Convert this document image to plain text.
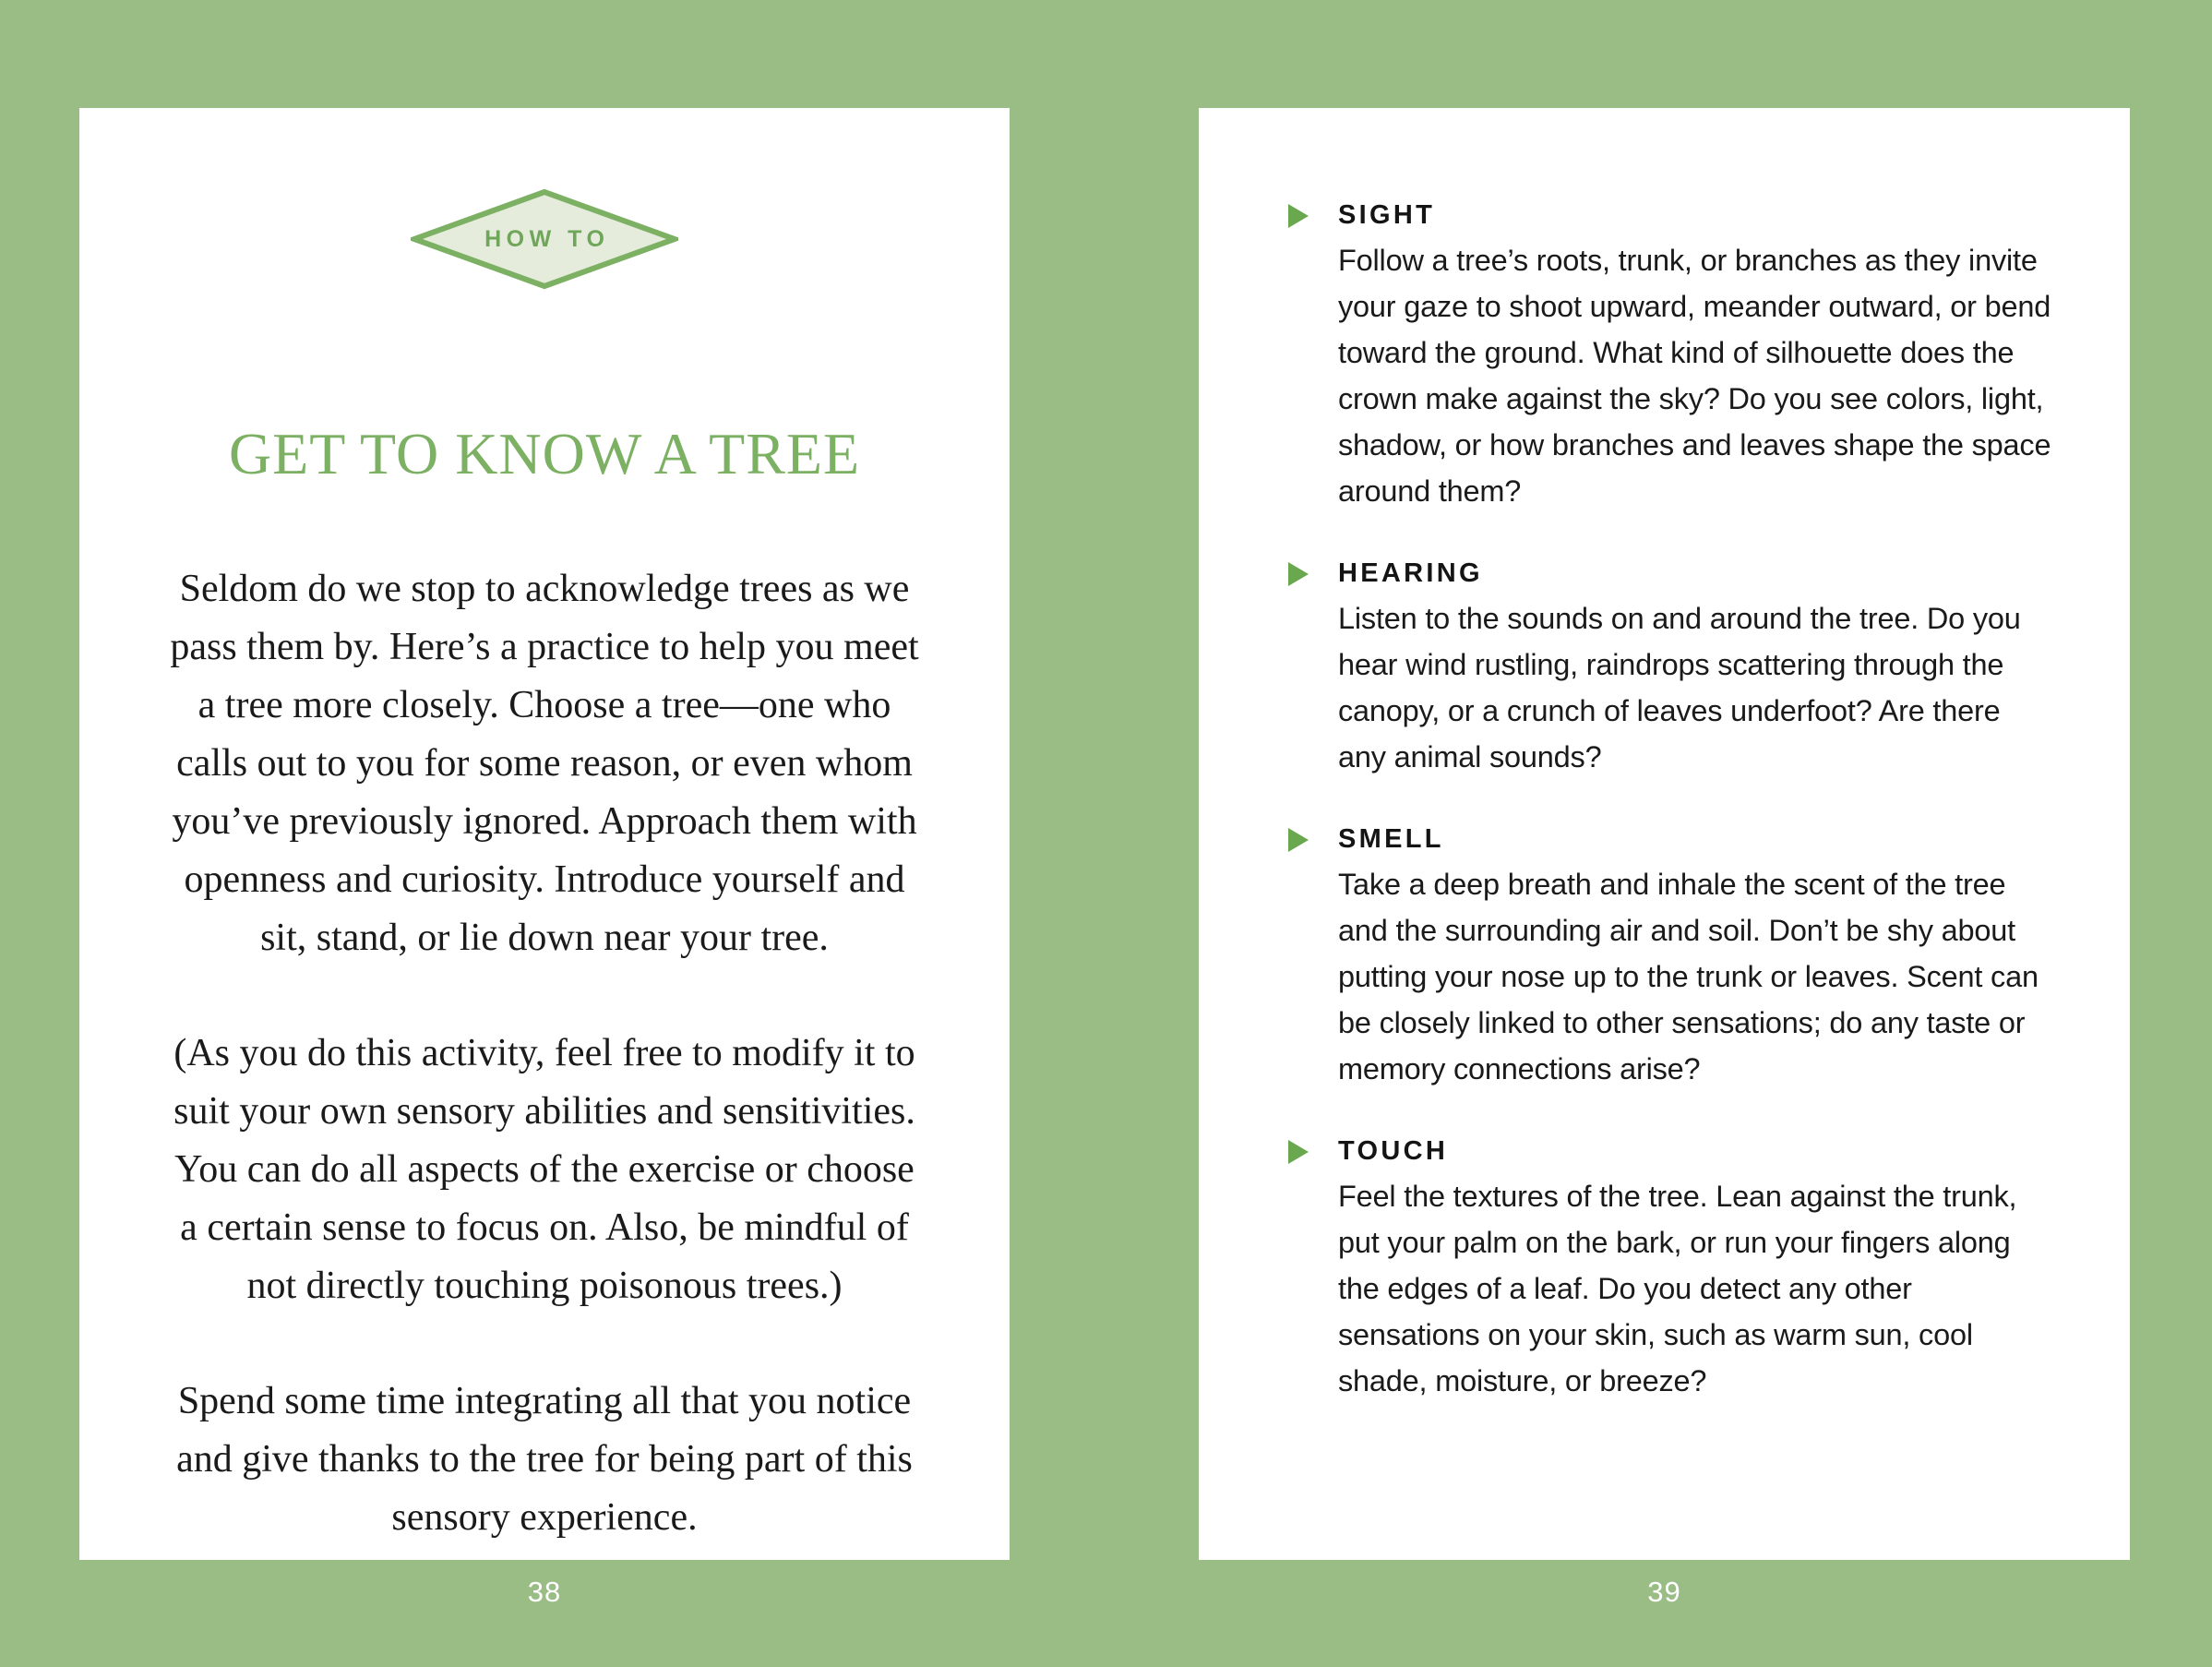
HOW TO
GET TO KNOW A TREE

Seldom do we stop to acknowledge trees as we pass them by. Here’s a practice to help you meet a tree more closely. Choose a tree—one who calls out to you for some reason, or even whom you’ve previously ignored. Approach them with openness and curiosity. Introduce yourself and sit, stand, or lie down near your tree.

(As you do this activity, feel free to modify it to suit your own sensory abilities and sensitivities. You can do all aspects of the exercise or choose a certain sense to focus on. Also, be mindful of not directly touching poisonous trees.)

Spend some time integrating all that you notice and give thanks to the tree for being part of this sensory experience.

SIGHT
Follow a tree’s roots, trunk, or branches as they invite your gaze to shoot upward, meander outward, or bend toward the ground. What kind of silhouette does the crown make against the sky? Do you see colors, light, shadow, or how branches and leaves shape the space around them?
HEARING
Listen to the sounds on and around the tree. Do you hear wind rustling, raindrops scattering through the canopy, or a crunch of leaves underfoot? Are there any animal sounds?
SMELL
Take a deep breath and inhale the scent of the tree and the surrounding air and soil. Don’t be shy about putting your nose up to the trunk or leaves. Scent can be closely linked to other sensations; do any taste or memory connections arise?
TOUCH
Feel the textures of the tree. Lean against the trunk, put your palm on the bark, or run your fingers along the edges of a leaf. Do you detect any other sensations on your skin, such as warm sun, cool shade, moisture, or breeze?
38	39
